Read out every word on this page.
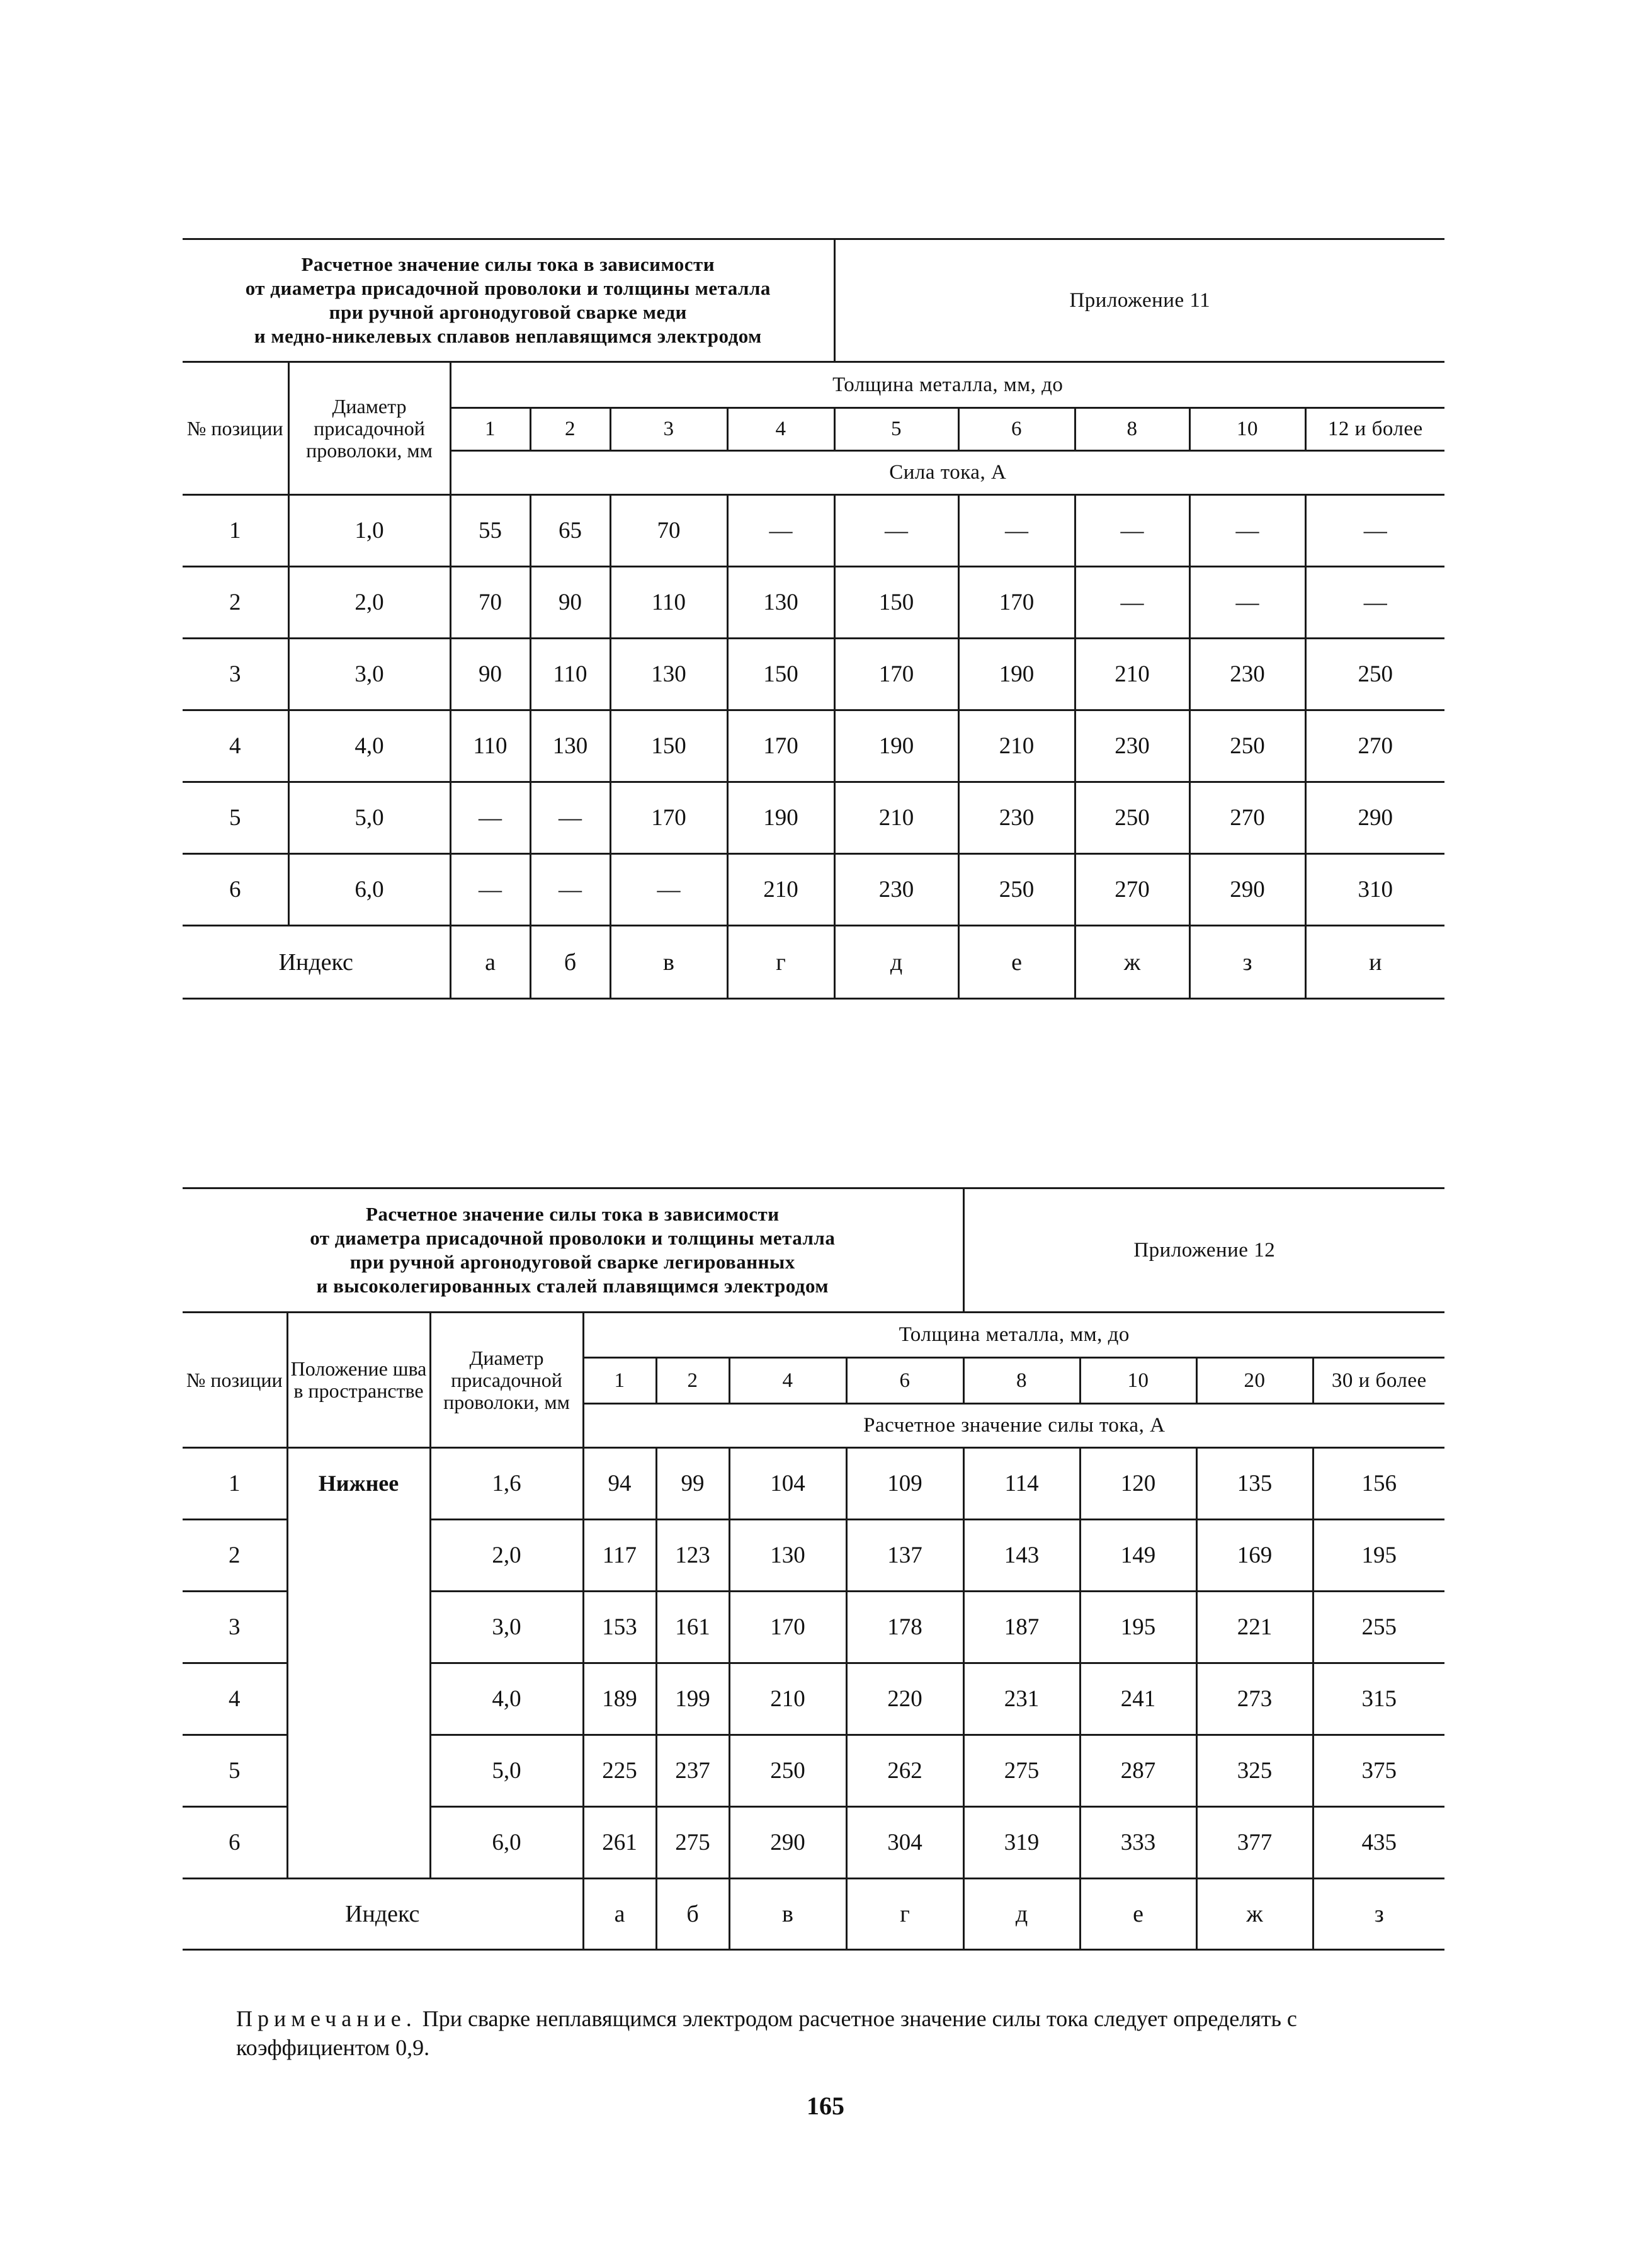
Расчетное значение силы тока в зависимости
от диаметра присадочной проволоки и толщины металла
при ручной аргонодуговой сварке меди
и медно-никелевых сплавов неплавящимся электродом						Приложение 11				
№ позиции	Диаметр присадочной проволоки, мм	Толщина металла, мм, до								
		1	2	3	4	5	6	8	10	12 и более
		Сила тока, А								
1	1,0	55	65	70	—	—	—	—	—	—
2	2,0	70	90	110	130	150	170	—	—	—
3	3,0	90	110	130	150	170	190	210	230	250
4	4,0	110	130	150	170	190	210	230	250	270
5	5,0	—	—	170	190	210	230	250	270	290
6	6,0	—	—	—	210	230	250	270	290	310
Индекс		а	б	в	г	д	е	ж	з	и
Расчетное значение силы тока в зависимости
от диаметра присадочной проволоки и толщины металла
при ручной аргонодуговой сварке легированных
и высоколегированных сталей плавящимся электродом							Приложение 12			
№ позиции	Положение шва в пространстве	Диаметр присадочной проволоки, мм	Толщина металла, мм, до							
			1	2	4	6	8	10	20	30 и более
			Расчетное значение силы тока, А							
1	Нижнее	1,6	94	99	104	109	114	120	135	156
2		2,0	117	123	130	137	143	149	169	195
3		3,0	153	161	170	178	187	195	221	255
4		4,0	189	199	210	220	231	241	273	315
5		5,0	225	237	250	262	275	287	325	375
6		6,0	261	275	290	304	319	333	377	435
Индекс			а	б	в	г	д	е	ж	з
Примечание. При сварке неплавящимся электродом расчетное значение силы тока следует определять с коэффициентом 0,9.
165
